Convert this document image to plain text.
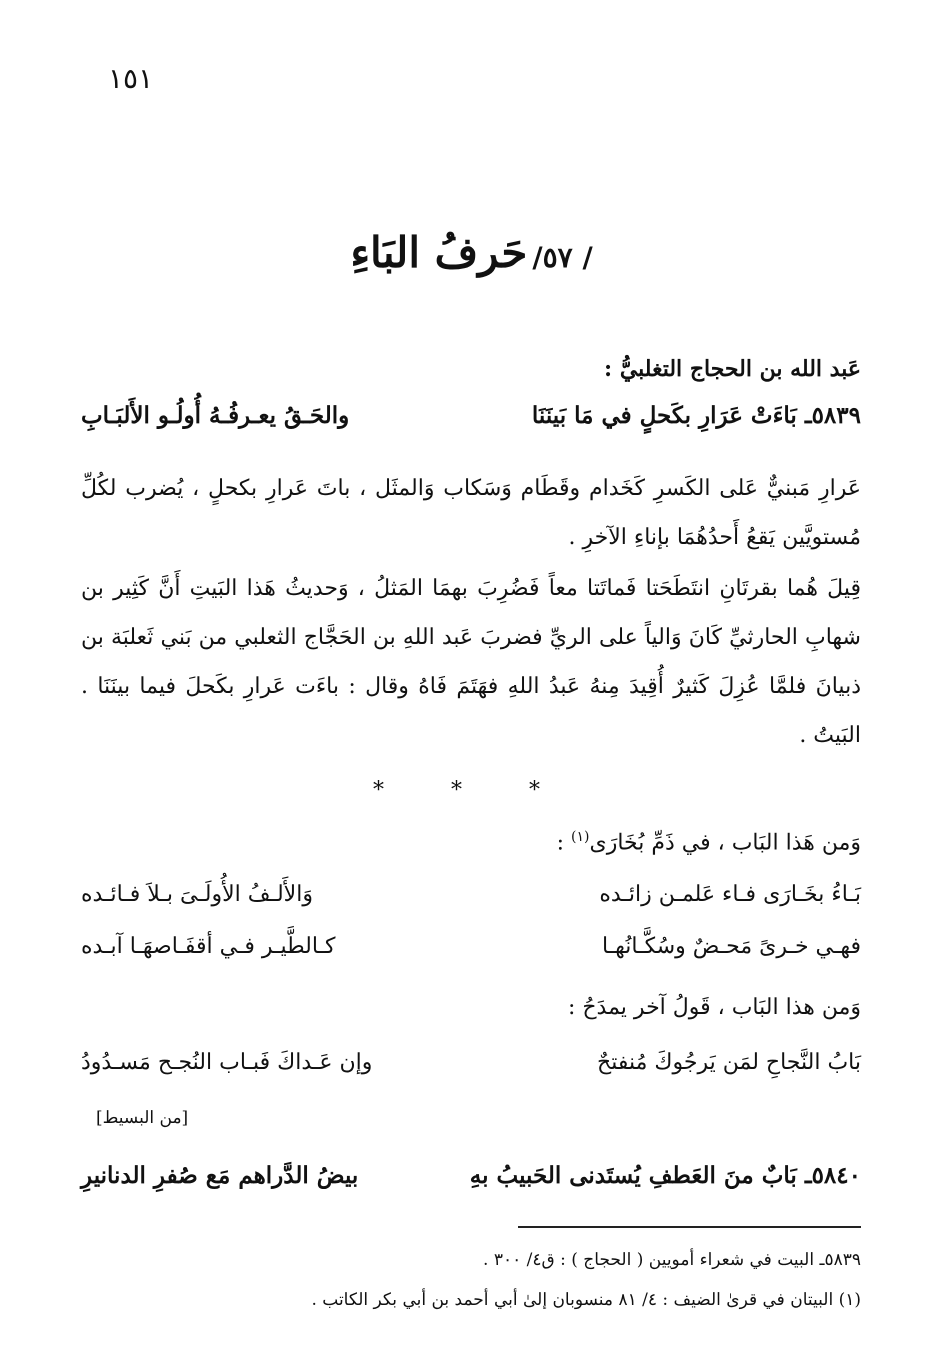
١٥١
/ ٥٧/ حَرفُ البَاءِ
عَبد الله بن الحجاج التغلبيُّ :
٥٨٣٩ـ بَاءَتْ عَرَارِ بكَحلٍ في مَا بَينَنَا
والحَـقُ يعـرفُـهُ أُولُـو الأَلبَـابِ
عَرارِ مَبنيٌّ عَلى الكَسرِ كَخَدام وقَطَام وَسَكاب وَالمثَل ، باتَ عَرارِ بكحلٍ ، يُضرب لكُلِّ مُستويَّين يَقعُ أَحدُهُمَا بإناءِ الآخرِ .
قِيلَ هُما بقرتَانِ انتَطَحَتا فَماتَتا معاً فَضُرِبَ بهمَا المَثلُ ، وَحديثُ هَذا البَيتِ أَنَّ كَثِير بن شهابِ الحارثيِّ كَانَ وَالياً على الريِّ فضربَ عَبد اللهِ بن الحَجَّاج الثعلبي من بَني ثَعلبَة بن ذبيانَ فلمَّا عُزِلَ كَثيرٌ أُقِيدَ مِنهُ عَبدُ اللهِ فهَتَمَ فَاهُ وقال : باءَت عَرارِ بكَحلَ فيما بينَنَا . البَيتُ .
* * *
وَمن هَذا البَاب ، في ذَمِّ بُخَارَى$^{(١)}$ :
بَـاءُ بخَـارَى فـاء عَلمـن زائـده
وَالأَلـفُ الأُولَـىَ بـلاَ فـائـده
فهـي خـرىً مَحـضٌ وسُكَّـانُهـا
كـالطَّيـر فـي أقفَـاصهَـا آبـده
وَمن هذا البَاب ، قَولُ آخر يمدَحُ :
بَابُ النَّجاحِ لمَن يَرجُوكَ مُنفتحٌ
وإن عَـداكَ فَبـاب النُجـح مَسـدُودُ
[من البسيط]
٥٨٤٠ـ بَابٌ منَ العَطفِ يُستَدنى الحَبيبُ بهِ
بيضُ الدَّراهم مَع صُفرِ الدنانيرِ
٥٨٣٩ـ البيت في شعراء أمويين ( الحجاج ) : ق٤/ ٣٠٠ .
(١) البيتان في قرىٰ الضيف : ٤/ ٨١ منسوبان إلىٰ أبي أحمد بن أبي بكر الكاتب .
